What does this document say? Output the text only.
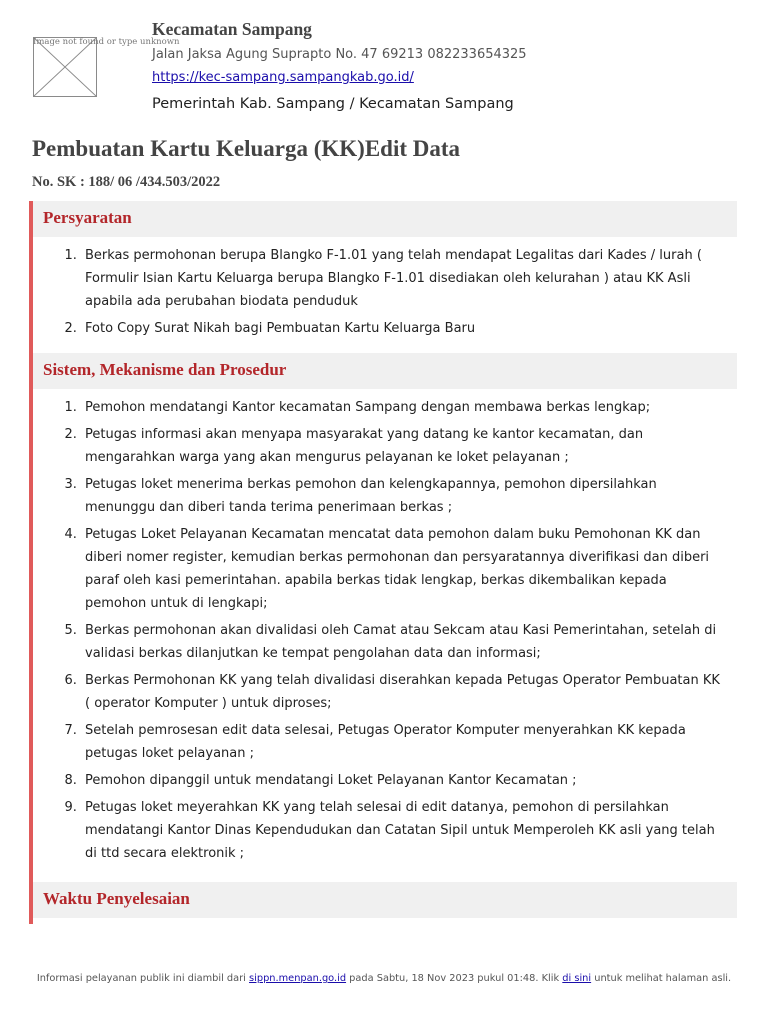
Image not found or type unknown
Kecamatan Sampang
Jalan Jaksa Agung Suprapto No. 47 69213 082233654325
https://kec-sampang.sampangkab.go.id/
Pemerintah Kab. Sampang / Kecamatan Sampang
Pembuatan Kartu Keluarga (KK)Edit Data
No. SK : 188/ 06 /434.503/2022
Persyaratan
1. Berkas permohonan berupa Blangko F-1.01 yang telah mendapat Legalitas dari Kades / lurah ( Formulir Isian Kartu Keluarga berupa Blangko F-1.01 disediakan oleh kelurahan ) atau KK Asli apabila ada perubahan biodata penduduk
2. Foto Copy Surat Nikah bagi Pembuatan Kartu Keluarga Baru
Sistem, Mekanisme dan Prosedur
1. Pemohon mendatangi Kantor kecamatan Sampang dengan membawa berkas lengkap;
2. Petugas informasi akan menyapa masyarakat yang datang ke kantor kecamatan, dan mengarahkan warga yang akan mengurus pelayanan ke loket pelayanan ;
3. Petugas loket menerima berkas pemohon dan kelengkapannya, pemohon dipersilahkan menunggu dan diberi tanda terima penerimaan berkas ;
4. Petugas Loket Pelayanan Kecamatan mencatat data pemohon dalam buku Pemohonan KK dan diberi nomer register, kemudian berkas permohonan dan persyaratannya diverifikasi dan diberi paraf oleh kasi pemerintahan. apabila berkas tidak lengkap, berkas dikembalikan kepada pemohon untuk di lengkapi;
5. Berkas permohonan akan divalidasi oleh Camat atau Sekcam atau Kasi Pemerintahan, setelah di validasi berkas dilanjutkan ke tempat pengolahan data dan informasi;
6. Berkas Permohonan KK yang telah divalidasi diserahkan kepada Petugas Operator Pembuatan KK ( operator Komputer ) untuk diproses;
7. Setelah pemrosesan edit data selesai, Petugas Operator Komputer menyerahkan KK kepada petugas loket pelayanan ;
8. Pemohon dipanggil untuk mendatangi Loket Pelayanan Kantor Kecamatan ;
9. Petugas loket meyerahkan KK yang telah selesai di edit datanya, pemohon di persilahkan mendatangi Kantor Dinas Kependudukan dan Catatan Sipil untuk Memperoleh KK asli yang telah di ttd secara elektronik ;
Waktu Penyelesaian
Informasi pelayanan publik ini diambil dari sippn.menpan.go.id pada Sabtu, 18 Nov 2023 pukul 01:48. Klik di sini untuk melihat halaman asli.
